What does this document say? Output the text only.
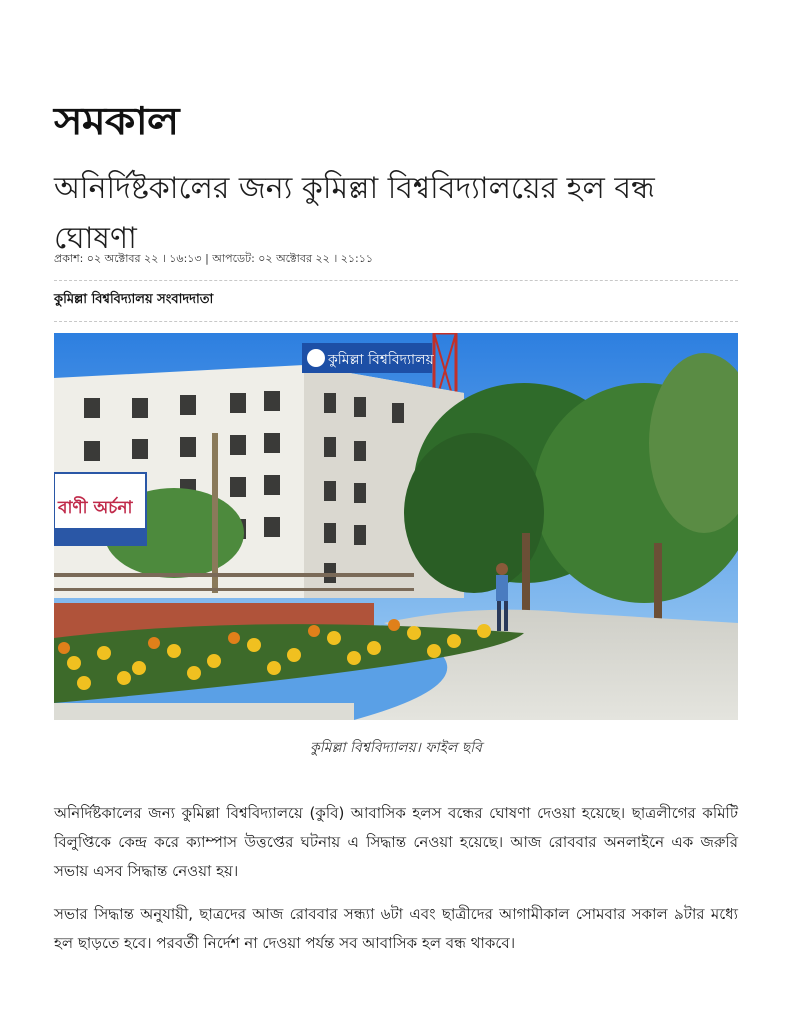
সমকাল
অনির্দিষ্টকালের জন্য কুমিল্লা বিশ্ববিদ্যালয়ের হল বন্ধ ঘোষণা
প্রকাশ: ০২ অক্টোবর ২২ । ১৬:১৩ | আপডেট: ০২ অক্টোবর ২২ । ২১:১১
কুমিল্লা বিশ্ববিদ্যালয় সংবাদদাতা
কুমিল্লা বিশ্ববিদ্যালয়
বাণী অর্চনা
কুমিল্লা বিশ্ববিদ্যালয়। ফাইল ছবি

অনির্দিষ্টকালের জন্য কুমিল্লা বিশ্ববিদ্যালয়ে (কুবি) আবাসিক হলস বন্ধের ঘোষণা দেওয়া হয়েছে। ছাত্রলীগের কমিটি বিলুপ্তিকে কেন্দ্র করে ক্যাম্পাস উত্তপ্তের ঘটনায় এ সিদ্ধান্ত নেওয়া হয়েছে। আজ রোববার অনলাইনে এক জরুরি সভায় এসব সিদ্ধান্ত নেওয়া হয়।

সভার সিদ্ধান্ত অনুযায়ী, ছাত্রদের আজ রোববার সন্ধ্যা ৬টা এবং ছাত্রীদের আগামীকাল সোমবার সকাল ৯টার মধ্যে হল ছাড়তে হবে। পরবর্তী নির্দেশ না দেওয়া পর্যন্ত সব আবাসিক হল বন্ধ থাকবে।
